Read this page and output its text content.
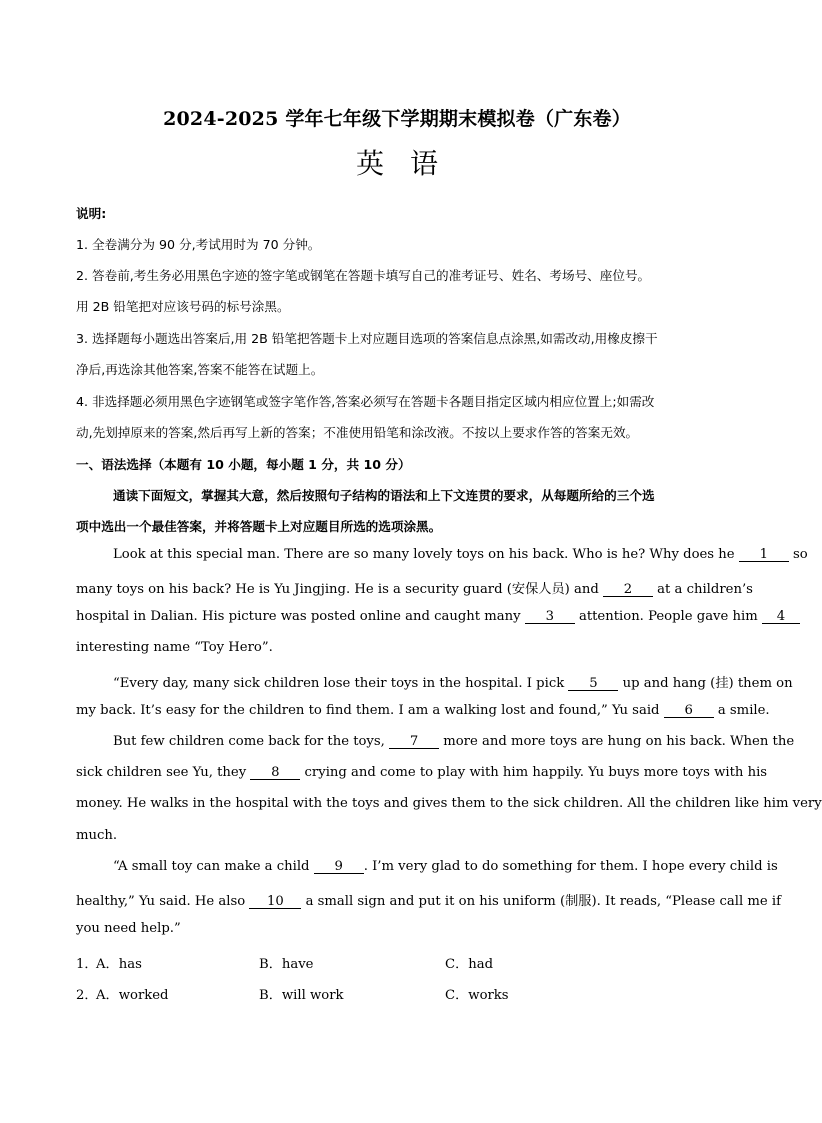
2024-2025 学年七年级下学期期末模拟卷（广东卷）
英语
说明:
1. 全卷满分为 90 分,考试用时为 70 分钟。
2. 答卷前,考生务必用黑色字迹的签字笔或钢笔在答题卡填写自己的准考证号、姓名、考场号、座位号。
用 2B 铅笔把对应该号码的标号涂黑。
3. 选择题每小题选出答案后,用 2B 铅笔把答题卡上对应题目选项的答案信息点涂黑,如需改动,用橡皮擦干
净后,再选涂其他答案,答案不能答在试题上。
4. 非选择题必须用黑色字迹钢笔或签字笔作答,答案必须写在答题卡各题目指定区域内相应位置上;如需改
动,先划掉原来的答案,然后再写上新的答案；不准使用铅笔和涂改液。不按以上要求作答的答案无效。
一、语法选择（本题有 10 小题，每小题 1 分，共 10 分）
通读下面短文，掌握其大意，然后按照句子结构的语法和上下文连贯的要求，从每题所给的三个选
项中选出一个最佳答案，并将答题卡上对应题目所选的选项涂黑。
Look at this special man. There are so many lovely toys on his back. Who is he? Why does he 1 so
many toys on his back? He is Yu Jingjing. He is a security guard (安保人员) and 2 at a children’s
hospital in Dalian. His picture was posted online and caught many 3 attention. People gave him 4
interesting name “Toy Hero”.
“Every day, many sick children lose their toys in the hospital. I pick 5 up and hang (挂) them on
my back. It’s easy for the children to find them. I am a walking lost and found,” Yu said 6 a smile.
But few children come back for the toys, 7 more and more toys are hung on his back. When the
sick children see Yu, they 8 crying and come to play with him happily. Yu buys more toys with his
money. He walks in the hospital with the toys and gives them to the sick children. All the children like him very
much.
“A small toy can make a child 9 . I’m very glad to do something for them. I hope every child is
healthy,” Yu said. He also 10 a small sign and put it on his uniform (制服). It reads, “Please call me if
you need help.”
1．
A．has	B．have	C．had
2．
A．worked	B．will work	C．works
